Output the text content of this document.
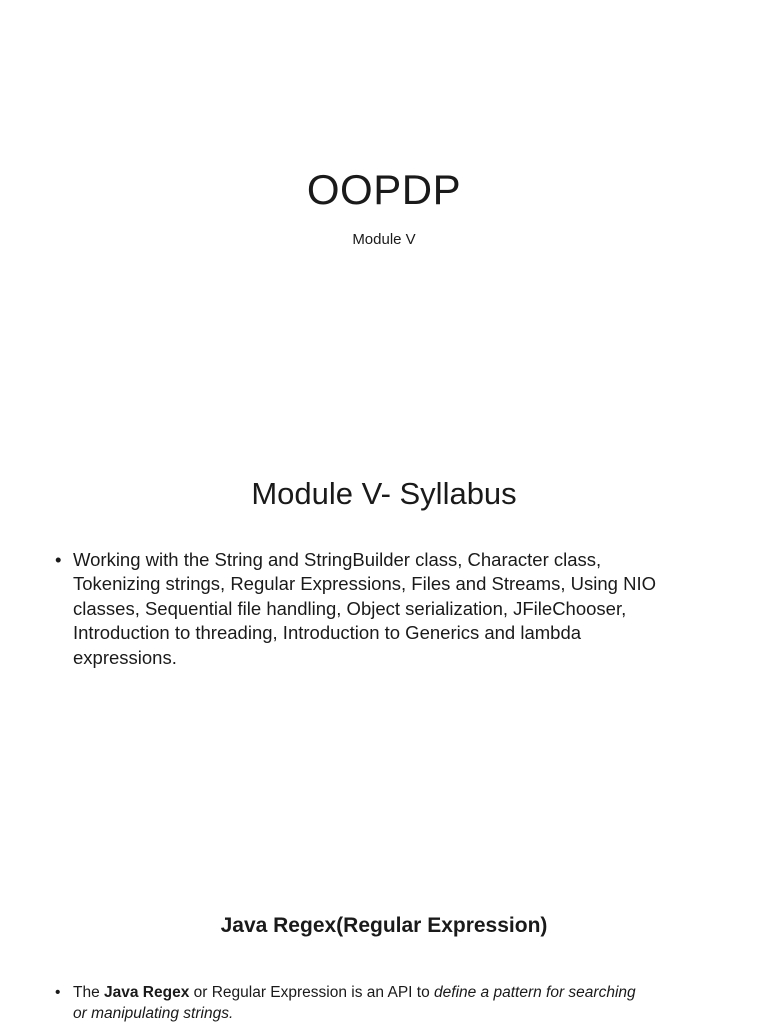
OOPDP

Module V

Module V- Syllabus
• Working with the String and StringBuilder class, Character class,
Tokenizing strings, Regular Expressions, Files and Streams, Using NIO
classes, Sequential file handling, Object serialization, JFileChooser,
Introduction to threading, Introduction to Generics and lambda
expressions.
Java Regex(Regular Expression)
• The Java Regex or Regular Expression is an API to define a pattern for searching
or manipulating strings.
